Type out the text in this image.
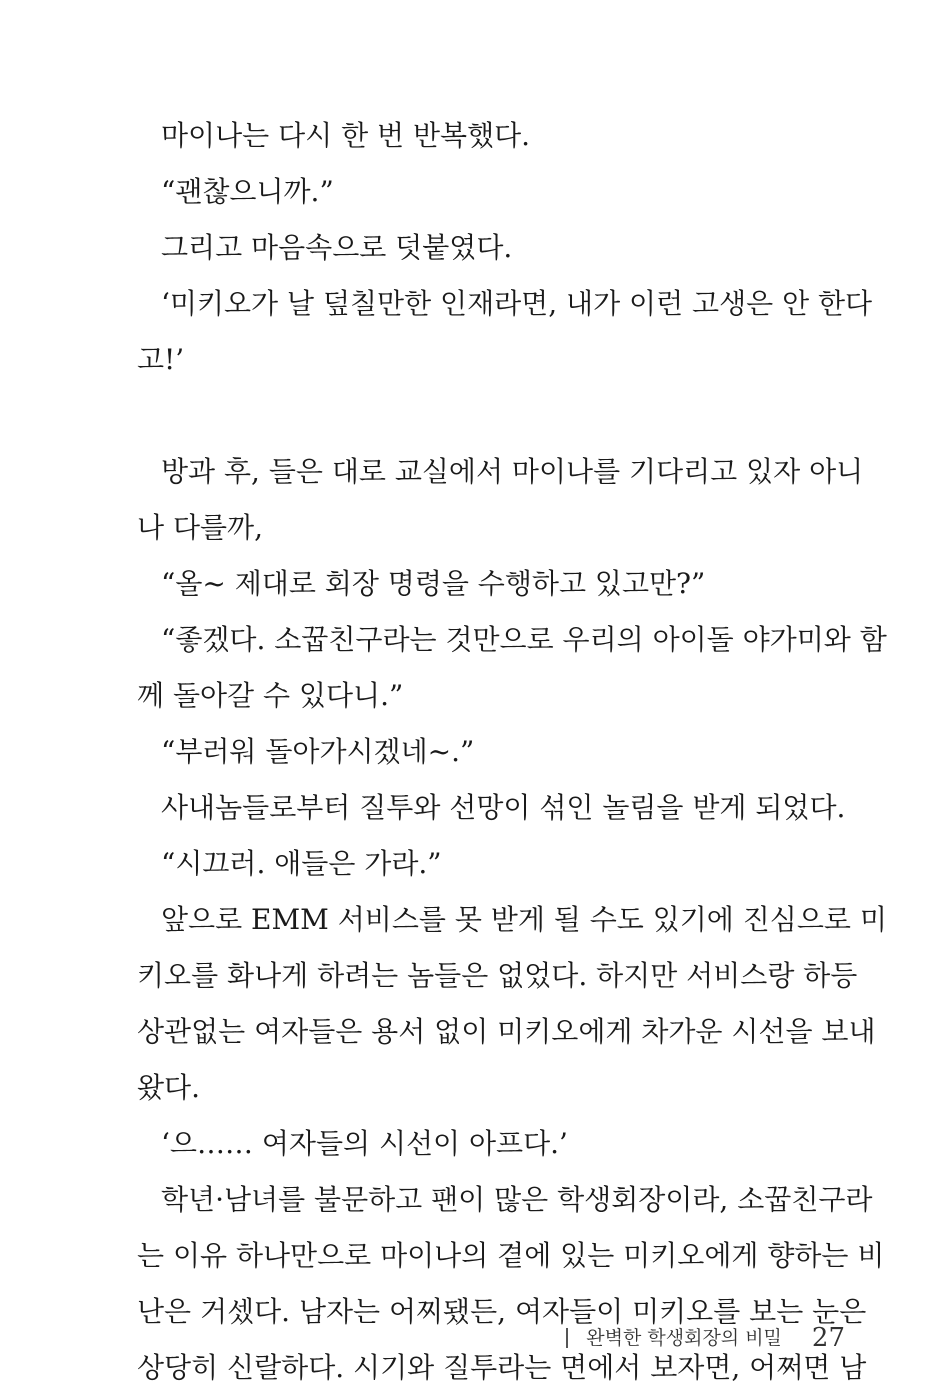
마이나는 다시 한 번 반복했다.
“괜찮으니까.”
그리고 마음속으로 덧붙였다.
‘미키오가 날 덮칠만한 인재라면, 내가 이런 고생은 안 한다
고!’
방과 후, 들은 대로 교실에서 마이나를 기다리고 있자 아니
나 다를까,
“올~ 제대로 회장 명령을 수행하고 있고만?”
“좋겠다. 소꿉친구라는 것만으로 우리의 아이돌 야가미와 함
께 돌아갈 수 있다니.”
“부러워 돌아가시겠네~.”
사내놈들로부터 질투와 선망이 섞인 놀림을 받게 되었다.
“시끄러. 애들은 가라.”
앞으로 EMM 서비스를 못 받게 될 수도 있기에 진심으로 미
키오를 화나게 하려는 놈들은 없었다. 하지만 서비스랑 하등
상관없는 여자들은 용서 없이 미키오에게 차가운 시선을 보내
왔다.
‘으…… 여자들의 시선이 아프다.’
학년·남녀를 불문하고 팬이 많은 학생회장이라, 소꿉친구라
는 이유 하나만으로 마이나의 곁에 있는 미키오에게 향하는 비
난은 거셌다. 남자는 어찌됐든, 여자들이 미키오를 보는 눈은
상당히 신랄하다. 시기와 질투라는 면에서 보자면, 어쩌면 남
완벽한 학생회장의 비밀 27
